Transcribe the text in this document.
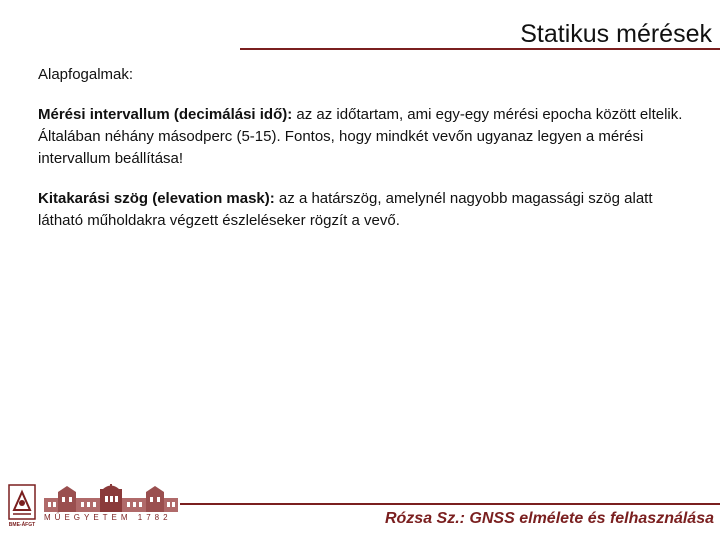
Statikus mérések

Alapfogalmak:

Mérési intervallum (decimálási idő): az az időtartam, ami egy-egy mérési epocha között eltelik. Általában néhány másodperc (5-15). Fontos, hogy mindkét vevőn ugyanaz legyen a mérési intervallum beállítása!

Kitakarási szög (elevation mask): az a határszög, amelynél nagyobb magassági szög alatt látható műholdakra végzett észleléseker rögzít a vevő.

BME-ÁFGT
MŰEGYETEM 1782	Rózsa Sz.: GNSS elmélete és felhasználása
